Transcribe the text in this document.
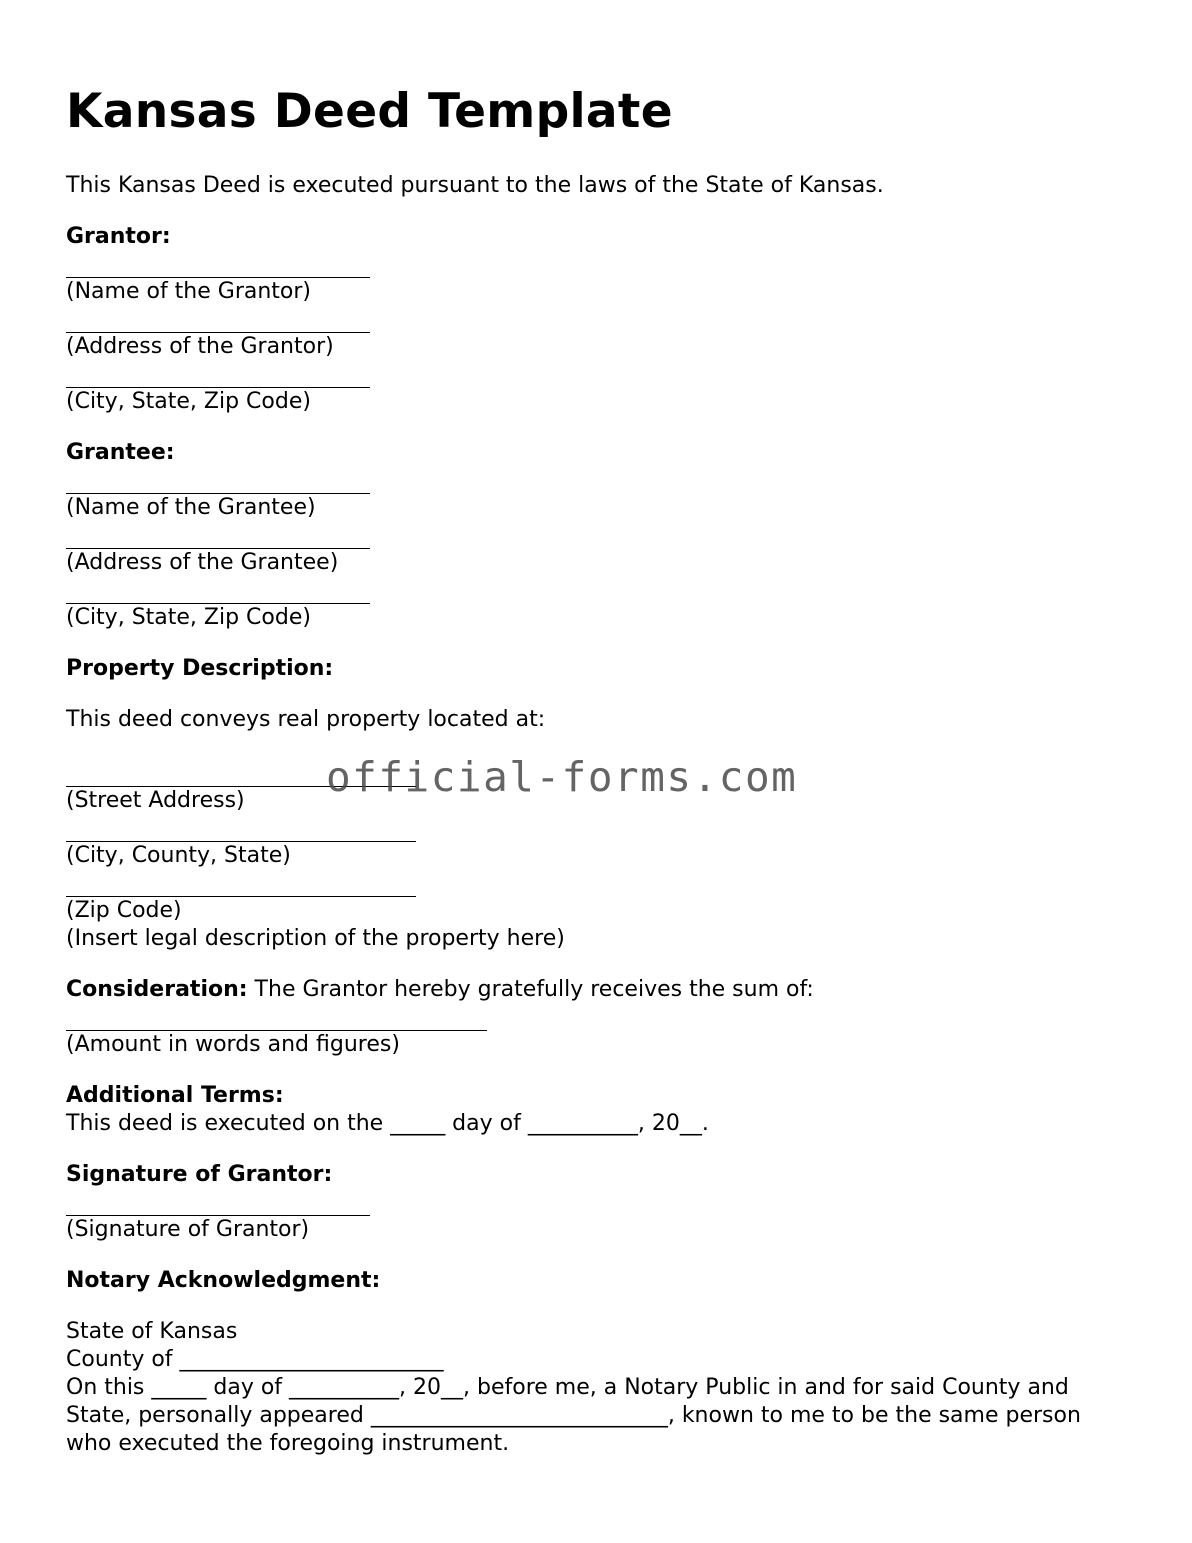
Kansas Deed Template

This Kansas Deed is executed pursuant to the laws of the State of Kansas.

Grantor:

(Name of the Grantor)

(Address of the Grantor)

(City, State, Zip Code)

Grantee:

(Name of the Grantee)

(Address of the Grantee)

(City, State, Zip Code)

Property Description:

This deed conveys real property located at:

(Street Address)

(City, County, State)

(Zip Code)

(Insert legal description of the property here)

Consideration: The Grantor hereby gratefully receives the sum of:

(Amount in words and figures)

Additional Terms:

This deed is executed on the _____ day of __________, 20__.

Signature of Grantor:

(Signature of Grantor)

Notary Acknowledgment:

State of Kansas

County of ________________________

On this _____ day of __________, 20__, before me, a Notary Public in and for said County and State, personally appeared ___________________________, known to me to be the same person who executed the foregoing instrument.

official-forms.com
